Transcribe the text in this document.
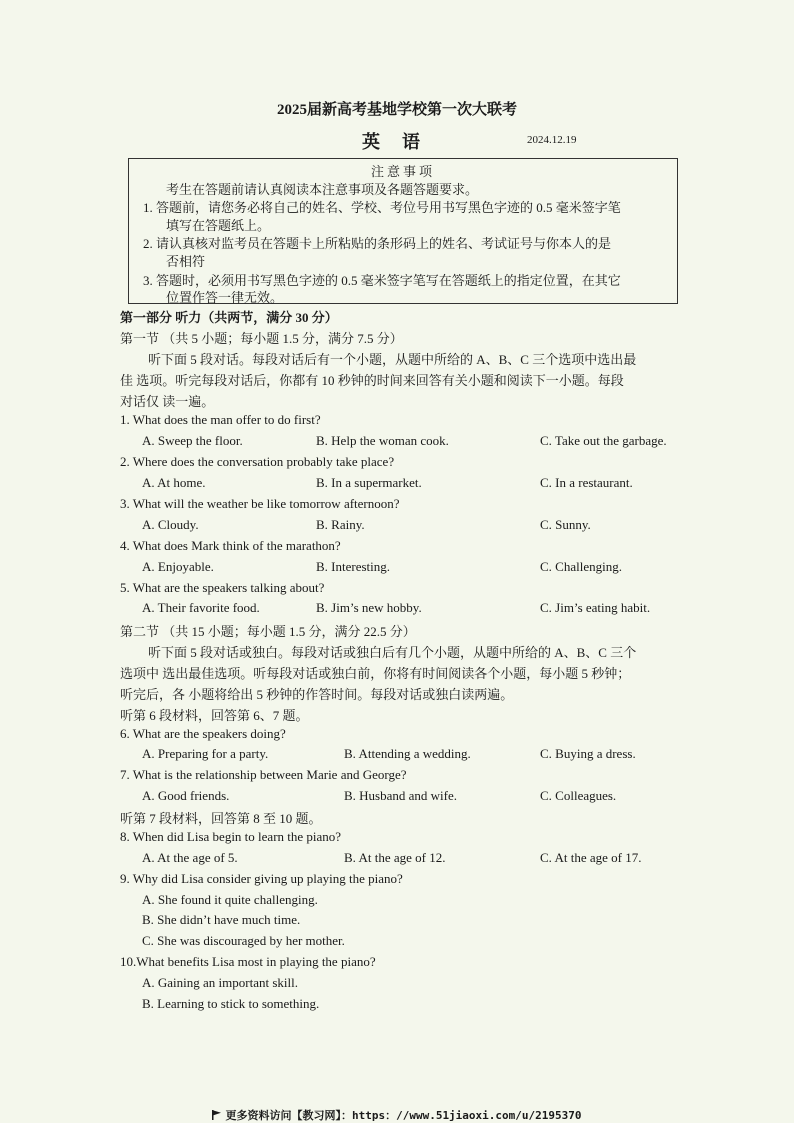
2025届新高考基地学校第一次大联考
英语	2024.12.19
注意事项
考生在答题前请认真阅读本注意事项及各题答题要求。
1. 答题前，请您务必将自己的姓名、学校、考位号用书写黑色字迹的 0.5 毫米签字笔
填写在答题纸上。
2. 请认真核对监考员在答题卡上所粘贴的条形码上的姓名、考试证号与你本人的是
否相符
3. 答题时，必须用书写黑色字迹的 0.5 毫米签字笔写在答题纸上的指定位置，在其它
位置作答一律无效。
第一部分 听力（共两节，满分 30 分）
第一节 （共 5 小题；每小题 1.5 分，满分 7.5 分）
听下面 5 段对话。每段对话后有一个小题，从题中所给的 A、B、C 三个选项中选出最
佳 选项。听完每段对话后，你都有 10 秒钟的时间来回答有关小题和阅读下一小题。每段
对话仅 读一遍。
1. What does the man offer to do first?
A. Sweep the floor.	B. Help the woman cook.	C. Take out the garbage.
2. Where does the conversation probably take place?
A. At home.	B. In a supermarket.	C. In a restaurant.
3. What will the weather be like tomorrow afternoon?
A. Cloudy.	B. Rainy.	C. Sunny.
4. What does Mark think of the marathon?
A. Enjoyable.	B. Interesting.	C. Challenging.
5. What are the speakers talking about?
A. Their favorite food.	B. Jim’s new hobby.	C. Jim’s eating habit.
第二节 （共 15 小题；每小题 1.5 分，满分 22.5 分）
听下面 5 段对话或独白。每段对话或独白后有几个小题，从题中所给的 A、B、C 三个
选项中 选出最佳选项。听每段对话或独白前，你将有时间阅读各个小题，每小题 5 秒钟；
听完后，各 小题将给出 5 秒钟的作答时间。每段对话或独白读两遍。
听第 6 段材料，回答第 6、7 题。
6. What are the speakers doing?
A. Preparing for a party.	B. Attending a wedding.	C. Buying a dress.
7. What is the relationship between Marie and George?
A. Good friends.	B. Husband and wife.	C. Colleagues.
听第 7 段材料，回答第 8 至 10 题。
8. When did Lisa begin to learn the piano?
A. At the age of 5.	B. At the age of 12.	C. At the age of 17.
9. Why did Lisa consider giving up playing the piano?
A. She found it quite challenging.
B. She didn’t have much time.
C. She was discouraged by her mother.
10.What benefits Lisa most in playing the piano?
A. Gaining an important skill.
B. Learning to stick to something.
更多资料访问【教习网】：https：//www.51jiaoxi.com/u/2195370
